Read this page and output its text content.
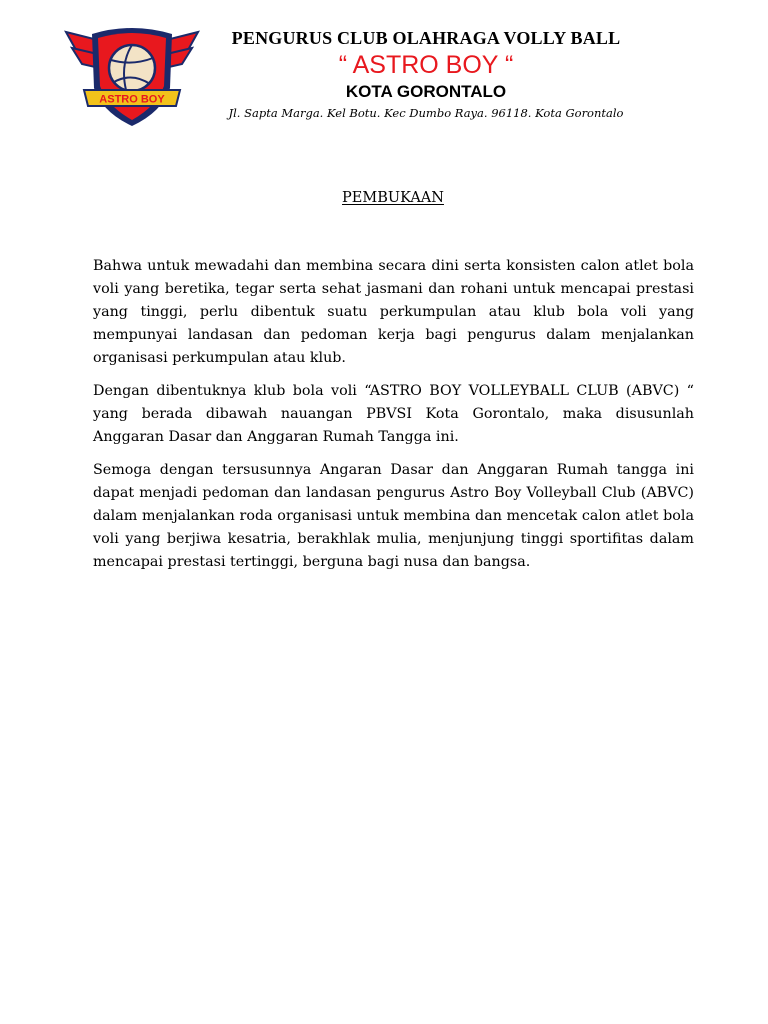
ASTRO BOY
PENGURUS CLUB OLAHRAGA VOLLY BALL
“ ASTRO BOY “
KOTA GORONTALO
Jl. Sapta Marga. Kel Botu. Kec Dumbo Raya. 96118. Kota Gorontalo
PEMBUKAAN

Bahwa untuk mewadahi dan membina secara dini serta konsisten calon atlet bola voli yang beretika, tegar serta sehat jasmani dan rohani untuk mencapai prestasi yang tinggi, perlu dibentuk suatu perkumpulan atau klub bola voli yang mempunyai landasan dan pedoman kerja bagi pengurus dalam menjalankan organisasi perkumpulan atau klub.

Dengan dibentuknya klub bola voli “ASTRO BOY VOLLEYBALL CLUB (ABVC) “ yang berada dibawah nauangan PBVSI Kota Gorontalo, maka disusunlah Anggaran Dasar dan Anggaran Rumah Tangga ini.

Semoga dengan tersusunnya Angaran Dasar dan Anggaran Rumah tangga ini dapat menjadi pedoman dan landasan pengurus Astro Boy Volleyball Club (ABVC) dalam menjalankan roda organisasi untuk membina dan mencetak calon atlet bola voli yang berjiwa kesatria, berakhlak mulia, menjunjung tinggi sportifitas dalam mencapai prestasi tertinggi, berguna bagi nusa dan bangsa.
